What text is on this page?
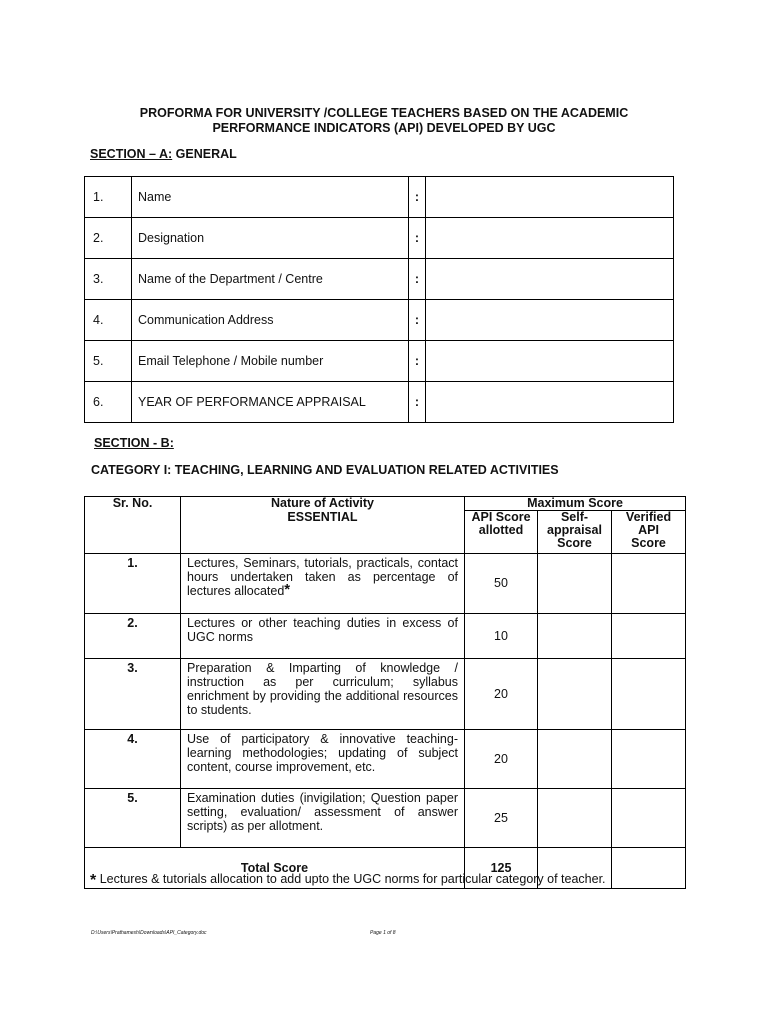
PROFORMA FOR UNIVERSITY /COLLEGE TEACHERS BASED ON THE ACADEMIC
PERFORMANCE INDICATORS (API) DEVELOPED BY UGC
SECTION – A: GENERAL
1.	Name	:	
2.	Designation	:	
3.	Name of the Department / Centre	:	
4.	Communication Address	:	
5.	Email Telephone / Mobile number	:	
6.	YEAR OF PERFORMANCE APPRAISAL	:	
SECTION - B:
CATEGORY I: TEACHING, LEARNING AND EVALUATION RELATED ACTIVITIES
Sr. No.	Nature of Activity	Maximum Score		
	ESSENTIAL	API Score allotted	Self-appraisal Score	Verified API Score
1.	Lectures, Seminars, tutorials, practicals, contact hours undertaken taken as percentage of lectures allocated*	50		
2.	Lectures or other teaching duties in excess of UGC norms	10		
3.	Preparation & Imparting of knowledge / instruction as per curriculum; syllabus enrichment by providing the additional resources to students.	20		
4.	Use of participatory & innovative teaching-learning methodologies; updating of subject content, course improvement, etc.	20		
5.	Examination duties (invigilation; Question paper setting, evaluation/ assessment of answer scripts) as per allotment.	25		
Total Score		125		
* Lectures & tutorials allocation to add upto the UGC norms for particular category of teacher.
D:\Users\Prathamesh\Downloads\API_Category.doc	Page 1 of 8
